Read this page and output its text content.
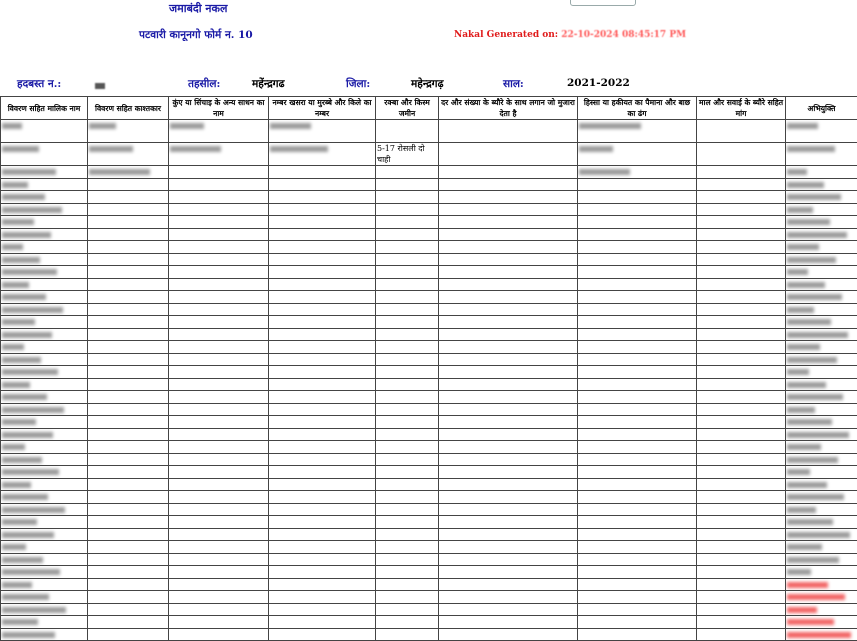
जमाबंदी नकल
पटवारी कानूनगो फोर्म न. 10	Nakal Generated on: 22-10-2024 08:45:17 PM
हदबस्त न.:	तहसील:	महेंन्द्रगढ	जिला:	महेन्द्रगढ़	साल:	2021-2022
विवरण सहित मालिक नाम	विवरण सहित काश्तकार	कुंए या सिंचाइ के अन्य साधन का नाम	नम्बर खसरा या मुरब्बे और किले का नम्बर	रक्बा और किस्म जमीन	दर और संख्या के ब्यौरे के साथ लगान जो मुजारा देता है	हिस्सा या हकीयत का पैमाना और बाछ का ढंग	माल और सवाई के ब्यौरे सहित मांग	अभियुक्ति

				5-17 रोसली दो चाही				
